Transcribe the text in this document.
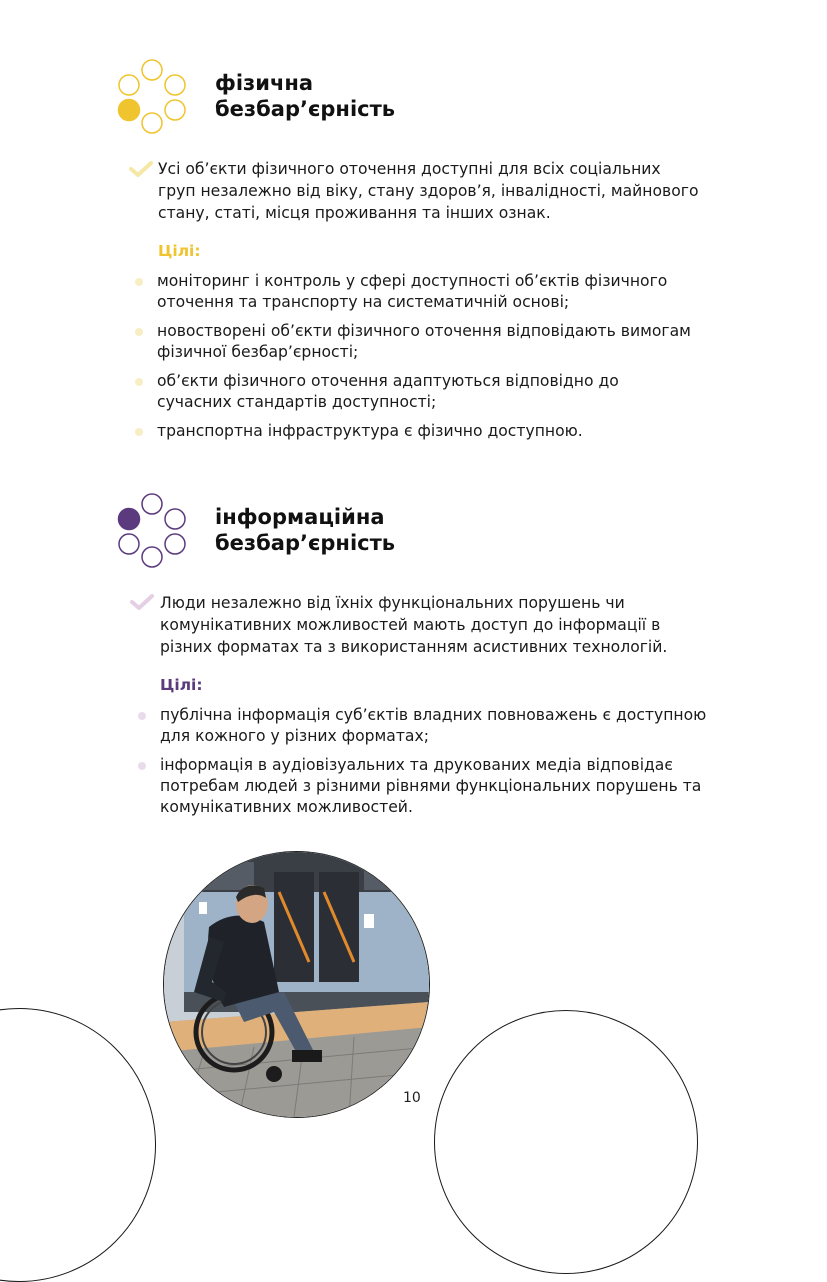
фізична
безбар’єрність

Усі об’єкти фізичного оточення доступні для всіх соціальних груп незалежно від віку, стану здоров’я, інвалідності, майнового стану, статі, місця проживання та інших ознак.

Цілі:

моніторинг і контроль у сфері доступності об’єктів фізичного оточення та транспорту на систематичній основі;
новостворені об’єкти фізичного оточення відповідають вимогам фізичної безбар’єрності;
об’єкти фізичного оточення адаптуються відповідно до сучасних стандартів доступності;
транспортна інфраструктура є фізично доступною.
інформаційна
безбар’єрність

Люди незалежно від їхніх функціональних порушень чи комунікативних можливостей мають доступ до інформації в різних форматах та з використанням асистивних технологій.

Цілі:

публічна інформація суб’єктів владних повноважень є доступною для кожного у різних форматах;
інформація в аудіовізуальних та друкованих медіа відповідає потребам людей з різними рівнями функціональних порушень та комунікативних можливостей.
10
